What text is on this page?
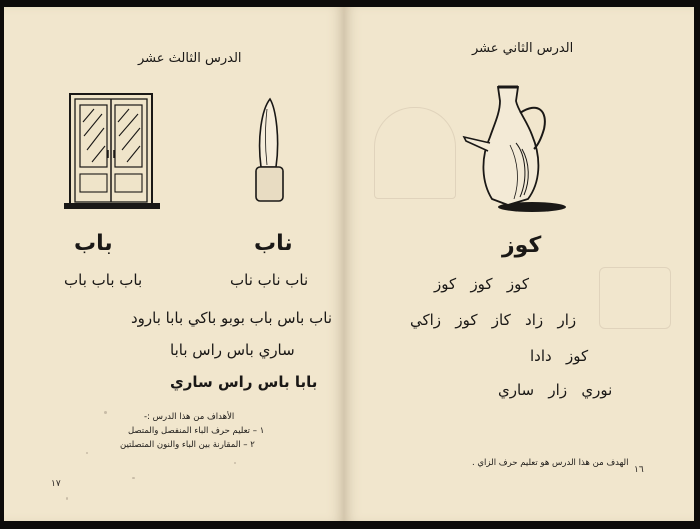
الدرس الثالث عشر
باب	ناب
ناب ناب ناب
باب باب باب
ناب باس باب بوبو باكي بابا بارود
ساري باس راس بابا
بابا باس راس ساري
الأهداف من هذا الدرس :-
١ – تعليم حرف الباء المنفصل والمتصل
٢ – المقارنة بين الباء والنون المتصلتين
١٧
الدرس الثاني عشر
كوز
كوز   كوز   كوز
زار   زاد   كاز   كوز   زاكي
كوز   دادا
نوري   زار   ساري
الهدف من هذا الدرس هو تعليم حرف الزاي .
١٦
